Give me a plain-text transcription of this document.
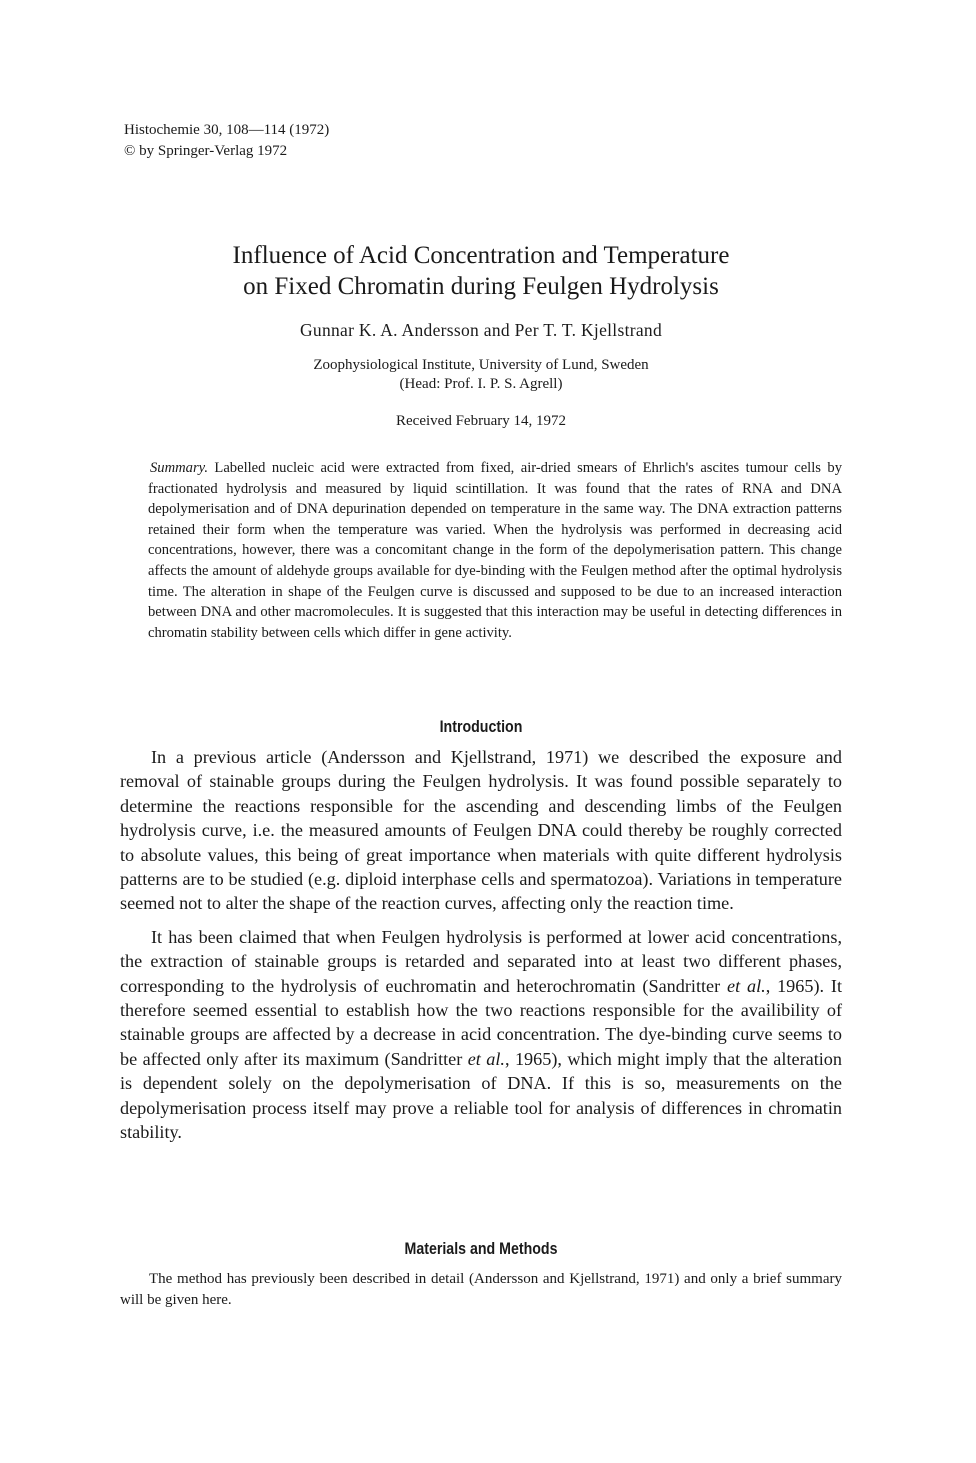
Histochemie 30, 108—114 (1972)
© by Springer-Verlag 1972
Influence of Acid Concentration and Temperature
on Fixed Chromatin during Feulgen Hydrolysis
Gunnar K. A. Andersson and Per T. T. Kjellstrand
Zoophysiological Institute, University of Lund, Sweden
(Head: Prof. I. P. S. Agrell)
Received February 14, 1972
Summary. Labelled nucleic acid were extracted from fixed, air-dried smears of Ehrlich's ascites tumour cells by fractionated hydrolysis and measured by liquid scintillation. It was found that the rates of RNA and DNA depolymerisation and of DNA depurination depended on temperature in the same way. The DNA extraction patterns retained their form when the temperature was varied. When the hydrolysis was performed in decreasing acid concentrations, however, there was a concomitant change in the form of the depolymerisation pattern. This change affects the amount of aldehyde groups available for dye-binding with the Feulgen method after the optimal hydrolysis time. The alteration in shape of the Feulgen curve is discussed and supposed to be due to an increased interaction between DNA and other macromolecules. It is suggested that this interaction may be useful in detecting differences in chromatin stability between cells which differ in gene activity.
Introduction

In a previous article (Andersson and Kjellstrand, 1971) we described the exposure and removal of stainable groups during the Feulgen hydrolysis. It was found possible separately to determine the reactions responsible for the ascending and descending limbs of the Feulgen hydrolysis curve, i.e. the measured amounts of Feulgen DNA could thereby be roughly corrected to absolute values, this being of great importance when materials with quite different hydrolysis patterns are to be studied (e.g. diploid interphase cells and spermatozoa). Variations in temperature seemed not to alter the shape of the reaction curves, affecting only the reaction time.

It has been claimed that when Feulgen hydrolysis is performed at lower acid concentrations, the extraction of stainable groups is retarded and separated into at least two different phases, corresponding to the hydrolysis of euchromatin and heterochromatin (Sandritter et al., 1965). It therefore seemed essential to establish how the two reactions responsible for the availibility of stainable groups are affected by a decrease in acid concentration. The dye-binding curve seems to be affected only after its maximum (Sandritter et al., 1965), which might imply that the alteration is dependent solely on the depolymerisation of DNA. If this is so, measurements on the depolymerisation process itself may prove a reliable tool for analysis of differences in chromatin stability.

Materials and Methods
The method has previously been described in detail (Andersson and Kjellstrand, 1971) and only a brief summary will be given here.
